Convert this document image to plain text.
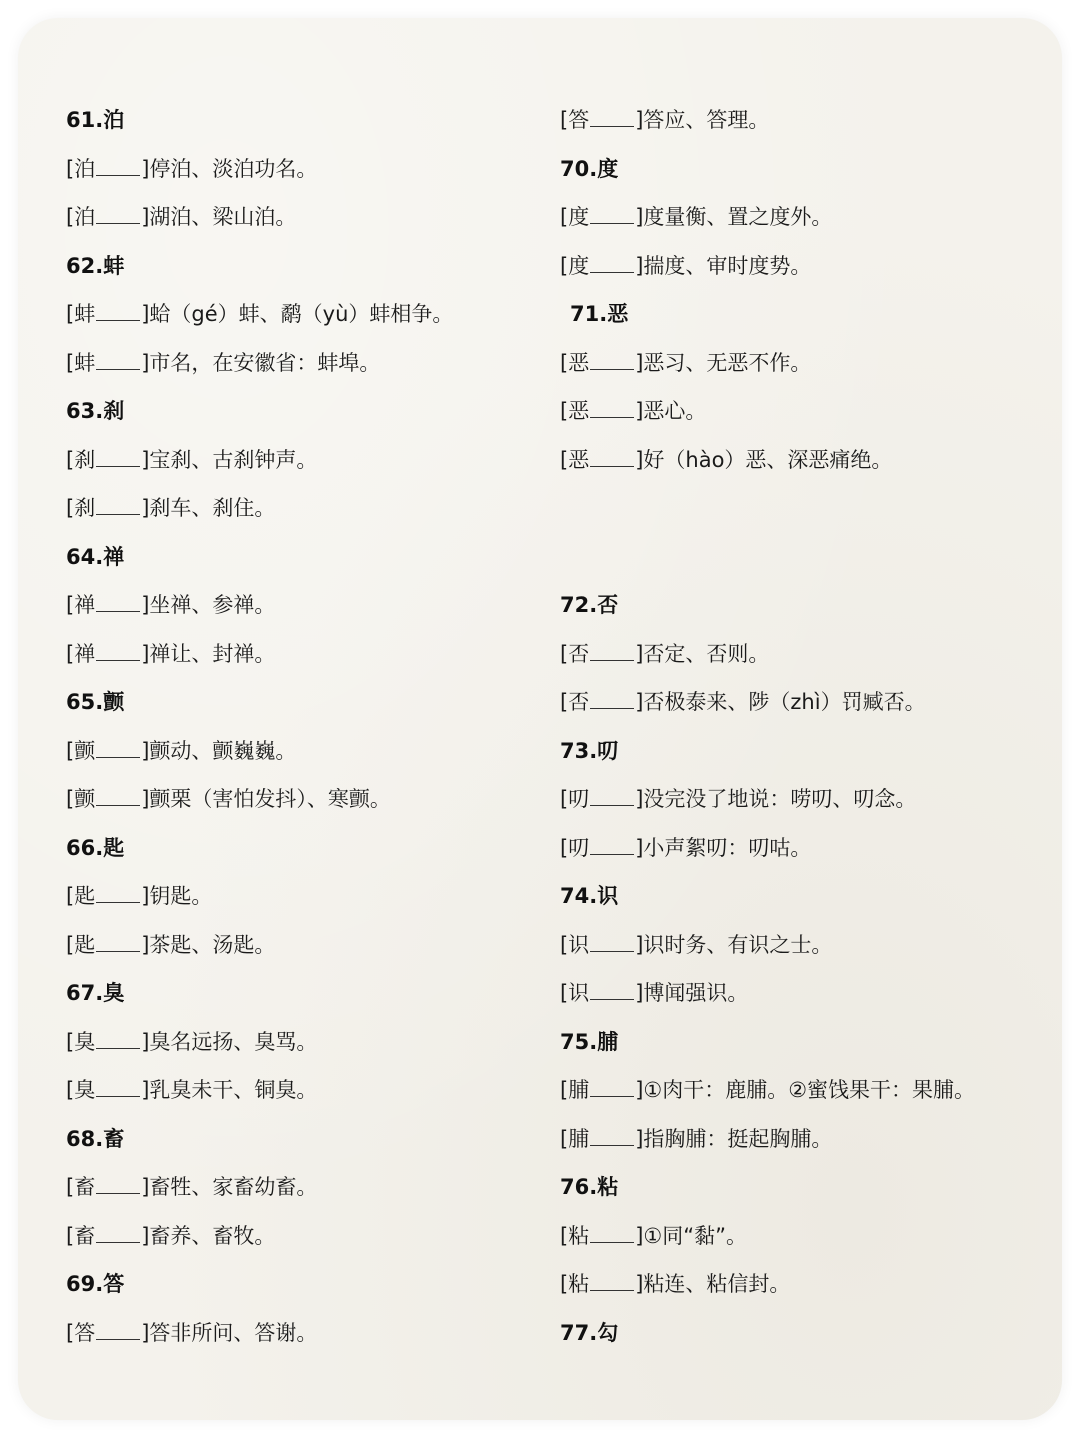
61.泊
[泊 ]停泊、淡泊功名。
[泊 ]湖泊、梁山泊。
62.蚌
[蚌 ]蛤（gé）蚌、鹬（yù）蚌相争。
[蚌 ]市名，在安徽省：蚌埠。
63.刹
[刹 ]宝刹、古刹钟声。
[刹 ]刹车、刹住。
64.禅
[禅 ]坐禅、参禅。
[禅 ]禅让、封禅。
65.颤
[颤 ]颤动、颤巍巍。
[颤 ]颤栗（害怕发抖）、寒颤。
66.匙
[匙 ]钥匙。
[匙 ]茶匙、汤匙。
67.臭
[臭 ]臭名远扬、臭骂。
[臭 ]乳臭未干、铜臭。
68.畜
[畜 ]畜牲、家畜幼畜。
[畜 ]畜养、畜牧。
69.答
[答 ]答非所问、答谢。
[答 ]答应、答理。
70.度
[度 ]度量衡、置之度外。
[度 ]揣度、审时度势。
71.恶
[恶 ]恶习、无恶不作。
[恶 ]恶心。
[恶 ]好（hào）恶、深恶痛绝。
72.否
[否 ]否定、否则。
[否 ]否极泰来、陟（zhì）罚臧否。
73.叨
[叨 ]没完没了地说：唠叨、叨念。
[叨 ]小声絮叨：叨咕。
74.识
[识 ]识时务、有识之士。
[识 ]博闻强识。
75.脯
[脯 ]①肉干：鹿脯。②蜜饯果干：果脯。
[脯 ]指胸脯：挺起胸脯。
76.粘
[粘 ]①同“黏”。
[粘 ]粘连、粘信封。
77.勾
